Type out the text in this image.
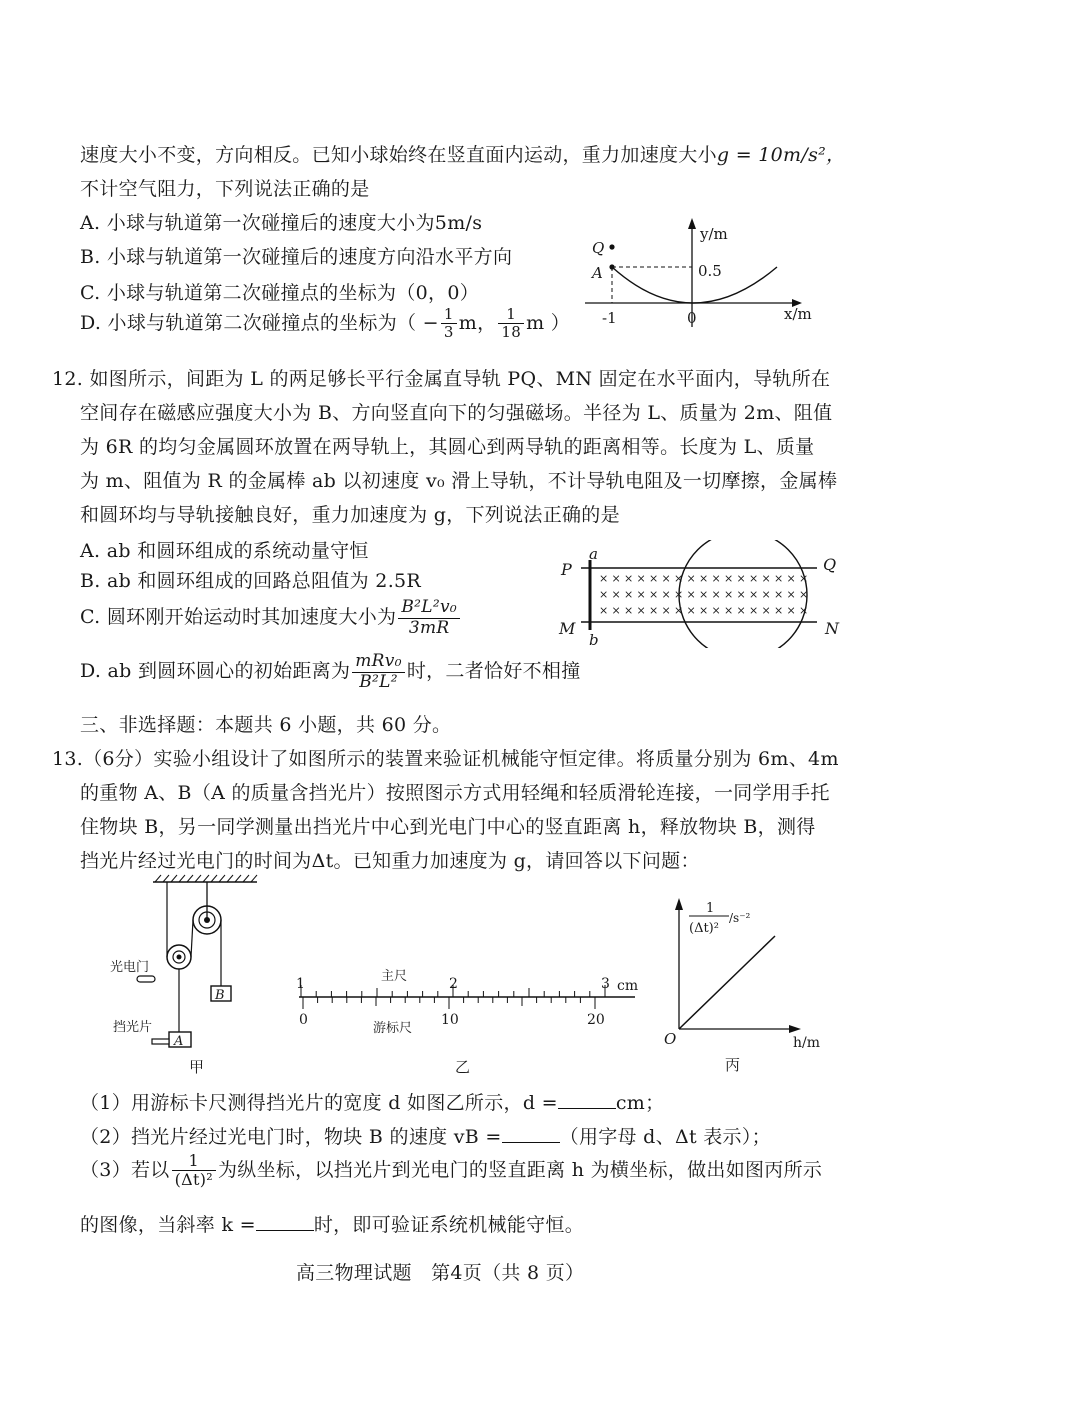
速度大小不变，方向相反。已知小球始终在竖直面内运动，重力加速度大小g = 10m/s²，
不计空气阻力，下列说法正确的是
A. 小球与轨道第一次碰撞后的速度大小为5m/s
B. 小球与轨道第一次碰撞后的速度方向沿水平方向
C. 小球与轨道第二次碰撞点的坐标为（0，0）
D. 小球与轨道第二次碰撞点的坐标为（ − $\frac{1}{3}$ m， $\frac{1}{18}$ m ）
Q
A
y/m
0.5
-1	0	x/m
12. 如图所示，间距为 L 的两足够长平行金属直导轨 PQ、MN 固定在水平面内，导轨所在
空间存在磁感应强度大小为 B、方向竖直向下的匀强磁场。半径为 L、质量为 2m、阻值
为 6R 的均匀金属圆环放置在两导轨上，其圆心到两导轨的距离相等。长度为 L、质量
为 m、阻值为 R 的金属棒 ab 以初速度 v₀ 滑上导轨，不计导轨电阻及一切摩擦，金属棒
和圆环均与导轨接触良好，重力加速度为 g，下列说法正确的是
A. ab 和圆环组成的系统动量守恒
B. ab 和圆环组成的回路总阻值为 2.5R
C. 圆环刚开始运动时其加速度大小为 $\frac{\text{B²L²v₀}}{3mR}$
D. ab 到圆环圆心的初始距离为 $\frac{\text{mRv₀}}{\text{B²L²}}$ 时，二者恰好不相撞
P	Q
M	N
a
b
× × × × × × × × × × × × × × × × ×
× × × × × × × × × × × × × × × × ×
× × × × × × × × × × × × × × × × ×
三、非选择题：本题共 6 小题，共 60 分。
13.（6分）实验小组设计了如图所示的装置来验证机械能守恒定律。将质量分别为 6m、4m
的重物 A、B（A 的质量含挡光片）按照图示方式用轻绳和轻质滑轮连接，一同学用手托
住物块 B，另一同学测量出挡光片中心到光电门中心的竖直距离 h，释放物块 B，测得
挡光片经过光电门的时间为Δt。已知重力加速度为 g，请回答以下问题：
B
A
光电门
挡光片
甲
主尺
1	2	3 cm
0	10	20
游标尺
乙
1
(Δt)²
/s⁻²
O	h/m
丙
（1）用游标卡尺测得挡光片的宽度 d 如图乙所示，d =	cm；
（2）挡光片经过光电门时，物块 B 的速度 vB =	（用字母 d、Δt 表示）；
（3）若以 $\frac{1}{\text{(Δt)²}}$ 为纵坐标，以挡光片到光电门的竖直距离 h 为横坐标，做出如图丙所示
的图像，当斜率 k =	时，即可验证系统机械能守恒。
高三物理试题　第4页（共 8 页）
